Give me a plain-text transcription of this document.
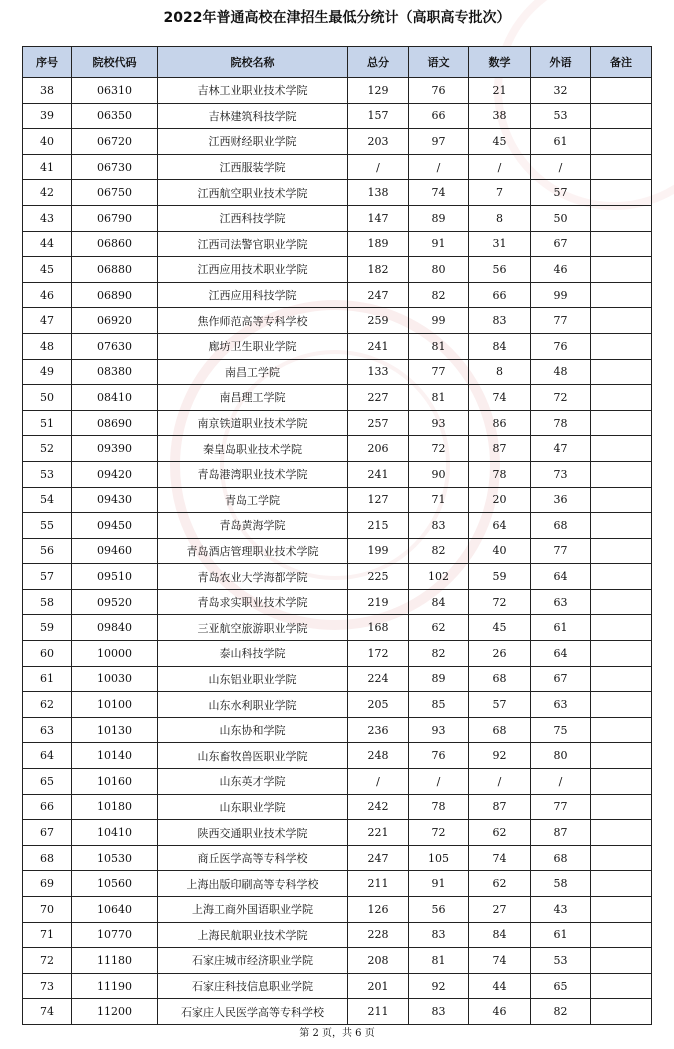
2022年普通高校在津招生最低分统计（高职高专批次）
序号	院校代码	院校名称	总分	语文	数学	外语	备注
38	06310	吉林工业职业技术学院	129	76	21	32	
39	06350	吉林建筑科技学院	157	66	38	53	
40	06720	江西财经职业学院	203	97	45	61	
41	06730	江西服装学院	/	/	/	/	
42	06750	江西航空职业技术学院	138	74	7	57	
43	06790	江西科技学院	147	89	8	50	
44	06860	江西司法警官职业学院	189	91	31	67	
45	06880	江西应用技术职业学院	182	80	56	46	
46	06890	江西应用科技学院	247	82	66	99	
47	06920	焦作师范高等专科学校	259	99	83	77	
48	07630	廊坊卫生职业学院	241	81	84	76	
49	08380	南昌工学院	133	77	8	48	
50	08410	南昌理工学院	227	81	74	72	
51	08690	南京铁道职业技术学院	257	93	86	78	
52	09390	秦皇岛职业技术学院	206	72	87	47	
53	09420	青岛港湾职业技术学院	241	90	78	73	
54	09430	青岛工学院	127	71	20	36	
55	09450	青岛黄海学院	215	83	64	68	
56	09460	青岛酒店管理职业技术学院	199	82	40	77	
57	09510	青岛农业大学海都学院	225	102	59	64	
58	09520	青岛求实职业技术学院	219	84	72	63	
59	09840	三亚航空旅游职业学院	168	62	45	61	
60	10000	泰山科技学院	172	82	26	64	
61	10030	山东铝业职业学院	224	89	68	67	
62	10100	山东水利职业学院	205	85	57	63	
63	10130	山东协和学院	236	93	68	75	
64	10140	山东畜牧兽医职业学院	248	76	92	80	
65	10160	山东英才学院	/	/	/	/	
66	10180	山东职业学院	242	78	87	77	
67	10410	陕西交通职业技术学院	221	72	62	87	
68	10530	商丘医学高等专科学校	247	105	74	68	
69	10560	上海出版印刷高等专科学校	211	91	62	58	
70	10640	上海工商外国语职业学院	126	56	27	43	
71	10770	上海民航职业技术学院	228	83	84	61	
72	11180	石家庄城市经济职业学院	208	81	74	53	
73	11190	石家庄科技信息职业学院	201	92	44	65	
74	11200	石家庄人民医学高等专科学校	211	83	46	82	
第 2 页，共 6 页
